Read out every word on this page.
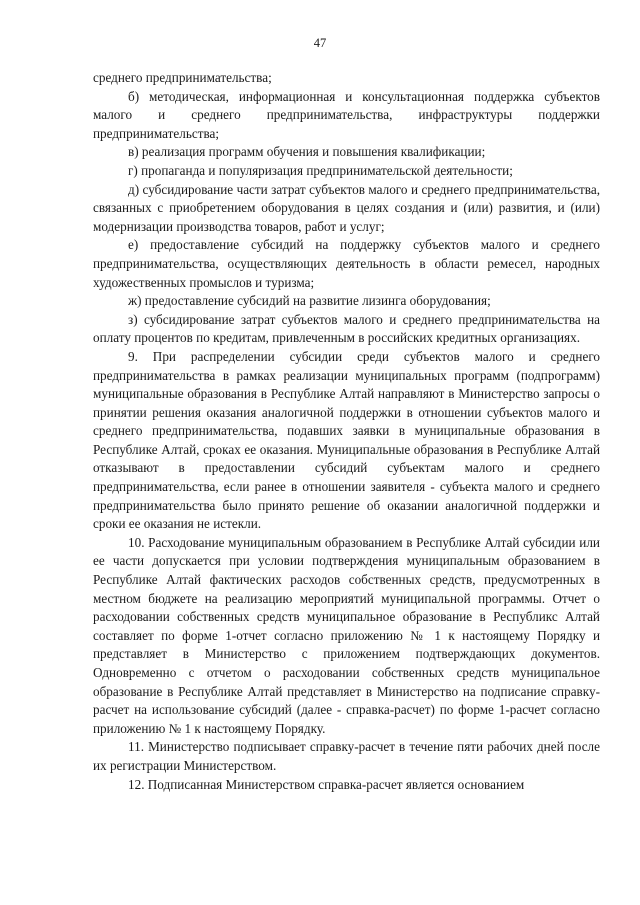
47

среднего предпринимательства;

б) методическая, информационная и консультационная поддержка субъектов малого и среднего предпринимательства, инфраструктуры поддержки предпринимательства;

в) реализация программ обучения и повышения квалификации;

г) пропаганда и популяризация предпринимательской деятельности;

д) субсидирование части затрат субъектов малого и среднего предпринимательства, связанных с приобретением оборудования в целях создания и (или) развития, и (или) модернизации производства товаров, работ и услуг;

е) предоставление субсидий на поддержку субъектов малого и среднего предпринимательства, осуществляющих деятельность в области ремесел, народных художественных промыслов и туризма;

ж) предоставление субсидий на развитие лизинга оборудования;

з) субсидирование затрат субъектов малого и среднего предпринимательства на оплату процентов по кредитам, привлеченным в российских кредитных организациях.

9. При распределении субсидии среди субъектов малого и среднего предпринимательства в рамках реализации муниципальных программ (подпрограмм) муниципальные образования в Республике Алтай направляют в Министерство запросы о принятии решения оказания аналогичной поддержки в отношении субъектов малого и среднего предпринимательства, подавших заявки в муниципальные образования в Республике Алтай, сроках ее оказания. Муниципальные образования в Республике Алтай отказывают в предоставлении субсидий субъектам малого и среднего предпринимательства, если ранее в отношении заявителя - субъекта малого и среднего предпринимательства было принято решение об оказании аналогичной поддержки и сроки ее оказания не истекли.

10. Расходование муниципальным образованием в Республике Алтай субсидии или ее части допускается при условии подтверждения муниципальным образованием в Республике Алтай фактических расходов собственных средств, предусмотренных в местном бюджете на реализацию мероприятий муниципальной программы. Отчет о расходовании собственных средств муниципальное образование в Республикс Алтай составляет по форме 1-отчет согласно приложению № 1 к настоящему Порядку и представляет в Министерство с приложением подтверждающих документов. Одновременно с отчетом о расходовании собственных средств муниципальное образование в Республике Алтай представляет в Министерство на подписание справку-расчет на использование субсидий (далее - справка-расчет) по форме 1-расчет согласно приложению № 1 к настоящему Порядку.

11. Министерство подписывает справку-расчет в течение пяти рабочих дней после их регистрации Министерством.

12. Подписанная Министерством справка-расчет является основанием
